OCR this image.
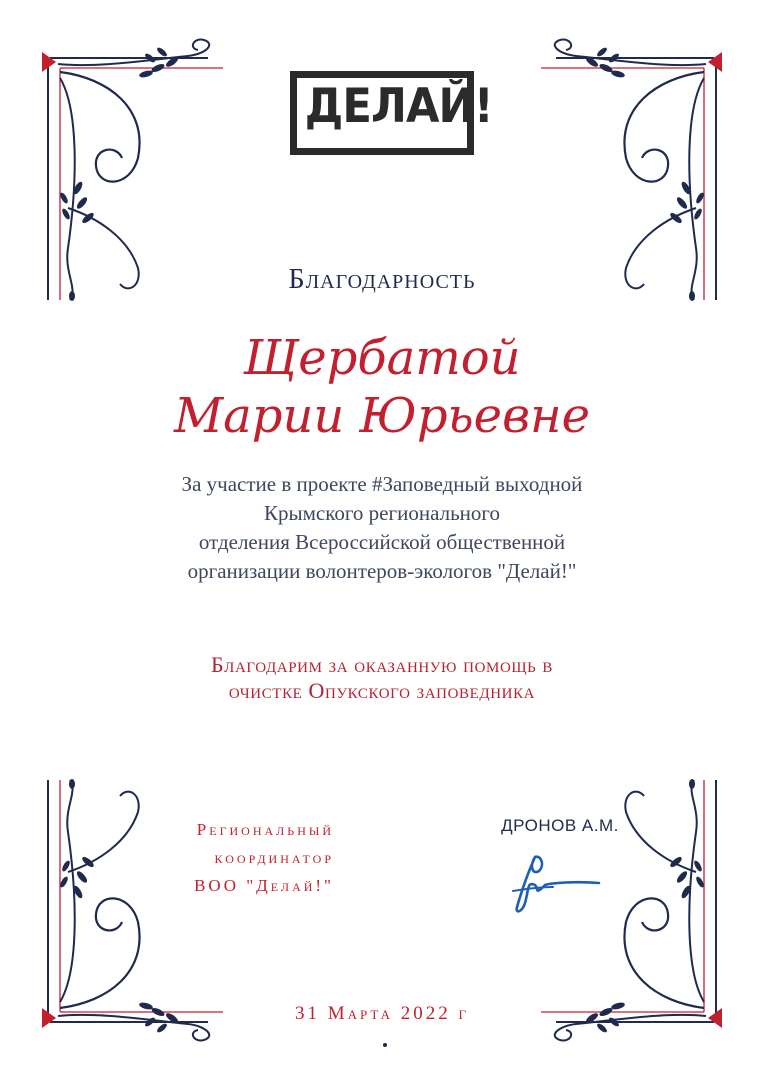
ДЕЛАЙ!
Благодарность
Щербатой
Марии Юрьевне
За участие в проекте #Заповедный выходной
Крымского регионального
отделения Всероссийской общественной
организации волонтеров-экологов "Делай!"
Благодарим за оказанную помощь в
очистке Опукского заповедника
Региональный
координатор
ВОО "Делай!"
ДРОНОВ А.М.
31 Марта 2022 г
